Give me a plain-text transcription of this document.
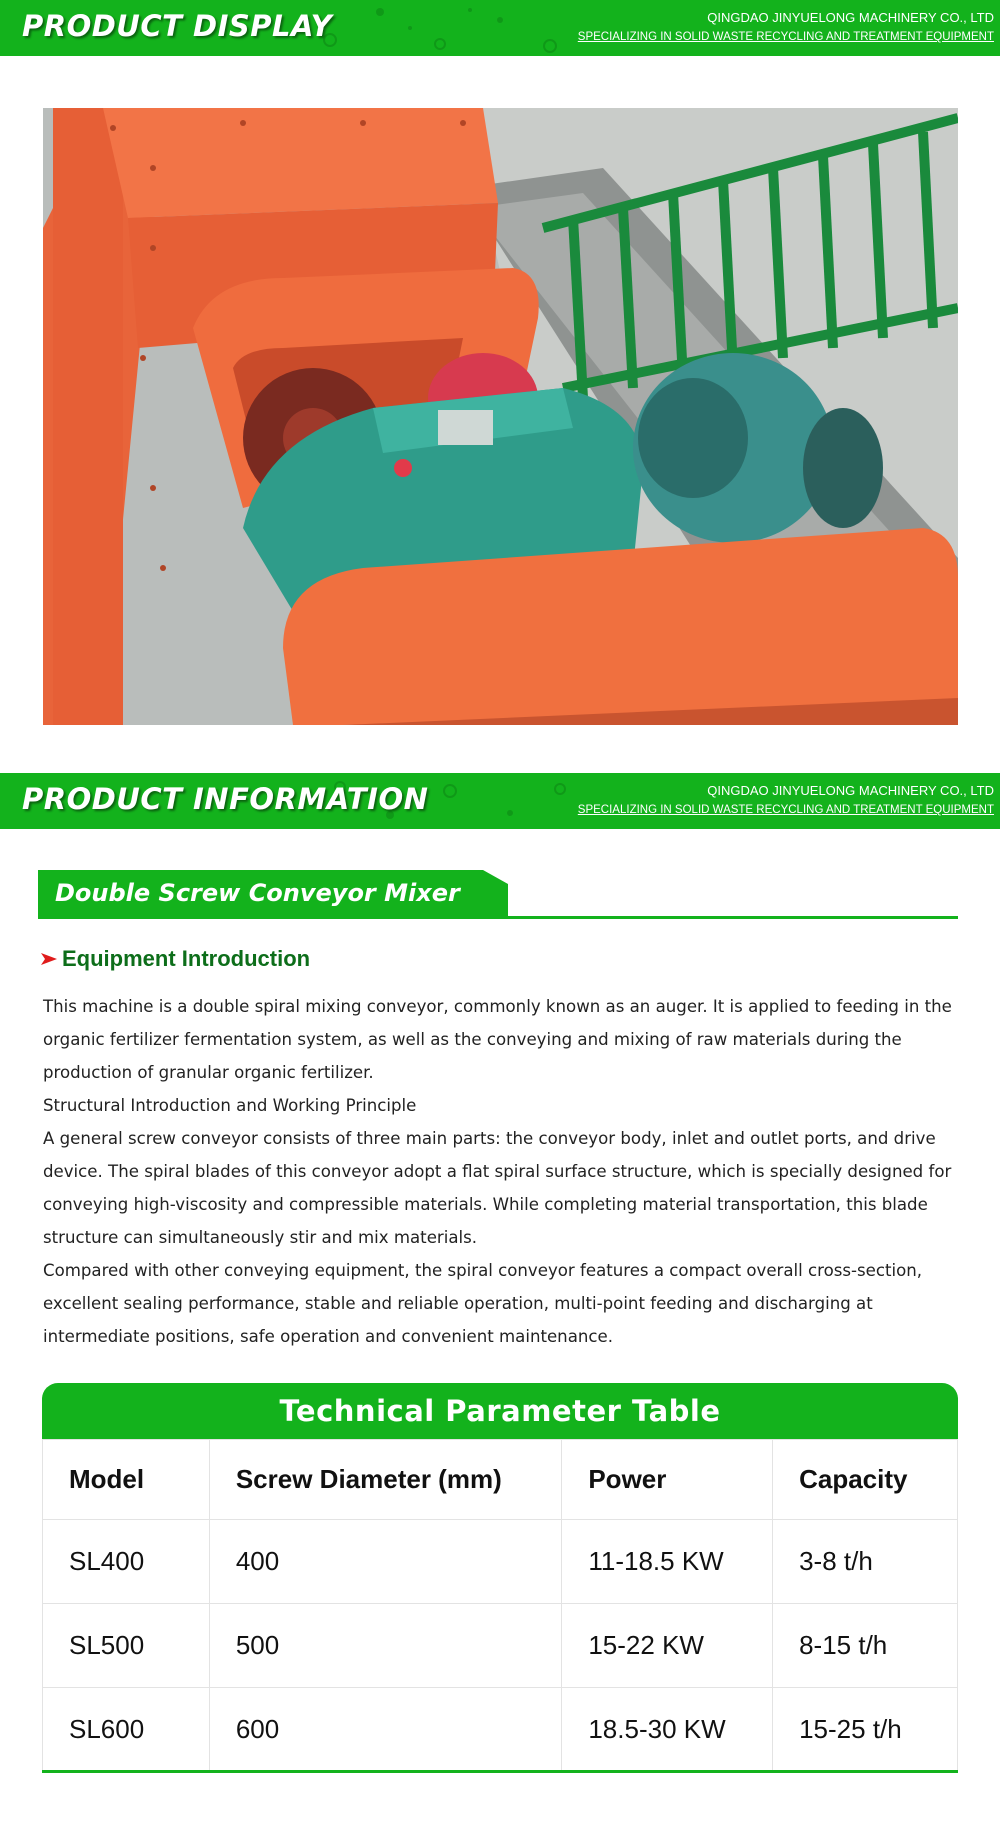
PRODUCT DISPLAY	QINGDAO JINYUELONG MACHINERY CO., LTD
SPECIALIZING IN SOLID WASTE RECYCLING AND TREATMENT EQUIPMENT
PRODUCT INFORMATION	QINGDAO JINYUELONG MACHINERY CO., LTD
SPECIALIZING IN SOLID WASTE RECYCLING AND TREATMENT EQUIPMENT
Double Screw Conveyor Mixer
Equipment Introduction

This machine is a double spiral mixing conveyor, commonly known as an auger. It is applied to feeding in the organic fertilizer fermentation system, as well as the conveying and mixing of raw materials during the production of granular organic fertilizer.

Structural Introduction and Working Principle

A general screw conveyor consists of three main parts: the conveyor body, inlet and outlet ports, and drive device. The spiral blades of this conveyor adopt a flat spiral surface structure, which is specially designed for conveying high-viscosity and compressible materials. While completing material transportation, this blade structure can simultaneously stir and mix materials.

Compared with other conveying equipment, the spiral conveyor features a compact overall cross-section, excellent sealing performance, stable and reliable operation, multi-point feeding and discharging at intermediate positions, safe operation and convenient maintenance.

Technical Parameter Table
Model	Screw Diameter (mm)	Power	Capacity
SL400	400	11-18.5 KW	3-8 t/h
SL500	500	15-22 KW	8-15 t/h
SL600	600	18.5-30 KW	15-25 t/h
